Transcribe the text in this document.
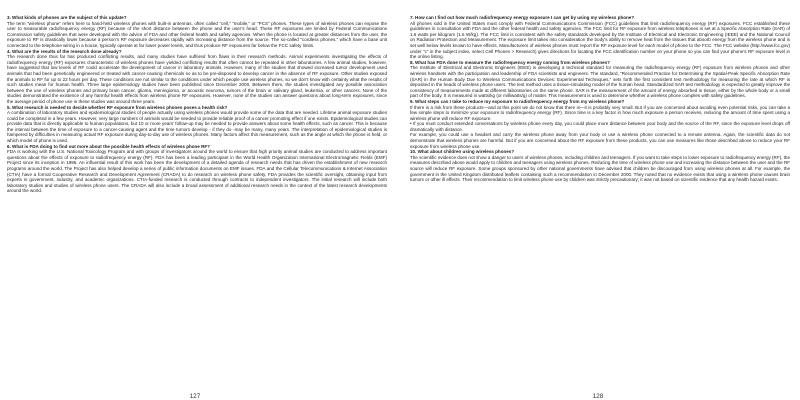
3. What kinds of phones are the subject of this update?

The term “wireless phone” refers here to hand-held wireless phones with built-in antennas, often called “cell,” “mobile,” or “PCS” phones. These types of wireless phones can expose the user to measurable radiofrequency energy (RF) because of the short distance between the phone and the user’s head. These RF exposures are limited by Federal Communications Commission safety guidelines that were developed with the advice of FDA and other federal health and safety agencies. When the phone is located at greater distances from the user, the exposure to RF is drastically lower because a person’s RF exposure decreases rapidly with increasing distance from the source. The so-called “cordless phones,” which have a base unit connected to the telephone wiring in a house, typically operate at far lower power levels, and thus produce RF exposures far below the FCC safety limits.

4. What are the results of the research done already?

The research done thus far has produced conflicting results, and many studies have suffered from flaws in their research methods. Animal experiments investigating the effects of radiofrequency energy (RF) exposures characteristic of wireless phones have yielded conflicting results that often cannot be repeated in other laboratories. A few animal studies, however, have suggested that low levels of RF could accelerate the development of cancer in laboratory animals. However, many of the studies that showed increased tumor development used animals that had been genetically engineered or treated with cancer-causing chemicals so as to be pre-disposed to develop cancer in the absence of RF exposure. Other studies exposed the animals to RF for up to 22 hours per day. These conditions are not similar to the conditions under which people use wireless phones, so we don’t know with certainty what the results of such studies mean for human health. Three large epidemiology studies have been published since December 2000. Between them, the studies investigated any possible association between the use of wireless phones and primary brain cancer, glioma, meningioma, or acoustic neuroma, tumors of the brain or salivary gland, leukemia, or other cancers. None of the studies demonstrated the existence of any harmful health effects from wireless phone RF exposures. However, none of the studies can answer questions about long-term exposures, since the average period of phone use in these studies was around three years.

5. What research is needed to decide whether RF exposure from wireless phones poses a health risk?

A combination of laboratory studies and epidemiological studies of people actually using wireless phones would provide some of the data that are needed. Lifetime animal exposure studies could be completed in a few years. However, very large numbers of animals would be needed to provide reliable proof of a cancer promoting effect if one exists. Epidemiological studies can provide data that is directly applicable to human populations, but 10 or more years’ follow-up may be needed to provide answers about some health effects, such as cancer. This is because the interval between the time of exposure to a cancer-causing agent and the time tumors develop - if they do -may be many, many years. The interpretation of epidemiological studies is hampered by difficulties in measuring actual RF exposure during day-to-day use of wireless phones. Many factors affect this measurement, such as the angle at which the phone is held, or which model of phone is used.

6. What is FDA doing to find out more about the possible health effects of wireless phone RF?

FDA is working with the U.S. National Toxicology Program and with groups of investigators around the world to ensure that high priority animal studies are conducted to address important questions about the effects of exposure to radiofrequency energy (RF). FDA has been a leading participant in the World Health Organization International Electromagnetic Fields (EMF) Project since its inception in 1996. An influential result of this work has been the development of a detailed agenda of research needs that has driven the establishment of new research programs around the world. The Project has also helped develop a series of public information documents on EMF issues. FDA and the Cellular Telecommunications & Internet Association (CTIA) have a formal Cooperative Research and Development Agreement (CRADA) to do research on wireless phone safety. FDA provides the scientific oversight, obtaining input from experts in government, industry, and academic organizations. CTIA-funded research is conducted through contracts to independent investigators. The initial research will include both laboratory studies and studies of wireless phone users. The CRADA will also include a broad assessment of additional research needs in the context of the latest research developments around the world.

127

7. How can I find out how much radiofrequency energy exposure I can get by using my wireless phone?

All phones sold in the United States must comply with Federal Communications Commission (FCC) guidelines that limit radiofrequency energy (RF) exposures. FCC established these guidelines in consultation with FDA and the other federal health and safety agencies. The FCC limit for RF exposure from wireless telephones is set at a Specific Absorption Rate (SAR) of 1.6 watts per kilogram (1.6 W/kg). The FCC limit is consistent with the safety standards developed by the Institute of Electrical and Electronic Engineering (IEEE) and the National Council on Radiation Protection and Measurement. The exposure limit takes into consideration the body’s ability to remove heat from the tissues that absorb energy from the wireless phone and is set well below levels known to have effects. Manufacturers of wireless phones must report the RF exposure level for each model of phone to the FCC. The FCC website (http://www.fcc.gov) under “c” in the subject index, select Cell Phones > Research) gives directions for locating the FCC identification number on your phone so you can find your phone’s RF exposure level in the online listing.

8. What has FDA done to measure the radiofrequency energy coming from wireless phones?

The Institute of Electrical and Electronic Engineers (IEEE) is developing a technical standard for measuring the radiofrequency energy (RF) exposure from wireless phones and other wireless handsets with the participation and leadership of FDA scientists and engineers. The standard, “Recommended Practice for Determining the Spatial-Peak Specific Absorption Rate (SAR) in the Human Body Due to Wireless Communications Devices: Experimental Techniques,” sets forth the first consistent test methodology for measuring the rate at which RF is deposited in the heads of wireless phone users. The test method uses a tissue-simulating model of the human head. Standardized SAR test methodology is expected to greatly improve the consistency of measurements made at different laboratories on the same phone. SAR is the measurement of the amount of energy absorbed in tissue, either by the whole body or a small part of the body. It is measured in watts/kg (or milliwatts/g) of matter. This measurement is used to determine whether a wireless phone complies with safety guidelines.

9. What steps can I take to reduce my exposure to radiofrequency energy from my wireless phone?

If there is a risk from these products—and at this point we do not know that there is—it is probably very small. But if you are concerned about avoiding even potential risks, you can take a few simple steps to minimize your exposure to radiofrequency energy (RF). Since time is a key factor in how much exposure a person receives, reducing the amount of time spent using a wireless phone will reduce RF exposure.

• If you must conduct extended conversations by wireless phone every day, you could place more distance between your body and the source of the RF, since the exposure level drops off dramatically with distance.

For example, you could use a headset and carry the wireless phone away from your body or use a wireless phone connected to a remote antenna. Again, the scientific data do not demonstrate that wireless phones are harmful. But if you are concerned about the RF exposure from these products, you can use measures like those described above to reduce your RF exposure from wireless phone use.

10. What about children using wireless phones?

The scientific evidence does not show a danger to users of wireless phones, including children and teenagers. If you want to take steps to lower exposure to radiofrequency energy (RF), the measures described above would apply to children and teenagers using wireless phones. Reducing the time of wireless phone use and increasing the distance between the user and the RF source will reduce RF exposure. Some groups sponsored by other national governments have advised that children be discouraged from using wireless phones at all. For example, the government in the United Kingdom distributed leaflets containing such a recommendation in December 2000. They noted that no evidence exists that using a wireless phone causes brain tumors or other ill effects. Their recommendation to limit wireless phone use by children was strictly precautionary; it was not based on scientific evidence that any health hazard exists.

128
